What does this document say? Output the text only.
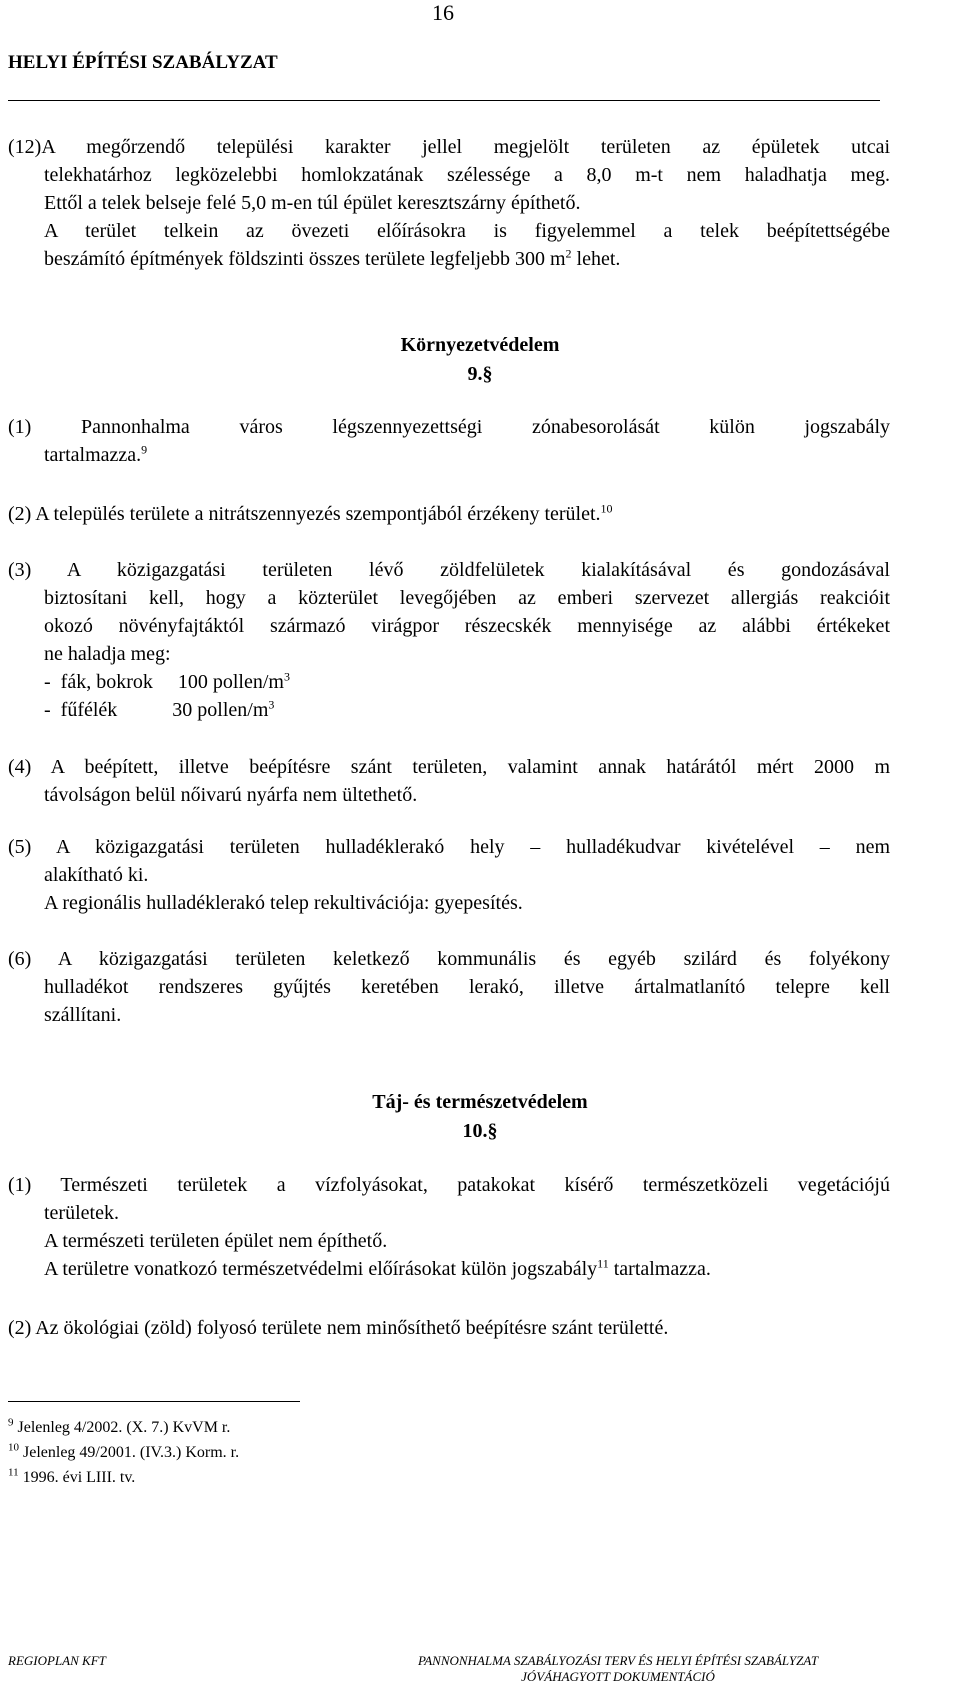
16
HELYI ÉPÍTÉSI SZABÁLYZAT
(12)A megőrzendő települési karakter jellel megjelölt területen az épületek utcai
telekhatárhoz legközelebbi homlokzatának szélessége a 8,0 m-t nem haladhatja meg.
Ettől a telek belseje felé 5,0 m-en túl épület keresztszárny építhető.
A terület telkein az övezeti előírásokra is figyelemmel a telek beépítettségébe
beszámító építmények földszinti összes területe legfeljebb 300 $m^2$ lehet.
Környezetvédelem
9.§
(1) Pannonhalma város légszennyezettségi zónabesorolását külön jogszabály
tartalmazza.$^9$
(2) A település területe a nitrátszennyezés szempontjából érzékeny terület.$^{10}$
(3) A közigazgatási területen lévő zöldfelületek kialakításával és gondozásával
biztosítani kell, hogy a közterület levegőjében az emberi szervezet allergiás reakcióit
okozó növényfajtáktól származó virágpor részecskék mennyisége az alábbi értékeket
ne haladja meg:
-  fák, bokrok     100 pollen/$m^3$
-  fűfélék           30 pollen/$m^3$
(4) A beépített, illetve beépítésre szánt területen, valamint annak határától mért 2000 m
távolságon belül nőivarú nyárfa nem ültethető.
(5) A közigazgatási területen hulladéklerakó hely – hulladékudvar kivételével – nem
alakítható ki.
A regionális hulladéklerakó telep rekultivációja: gyepesítés.
(6) A közigazgatási területen keletkező kommunális és egyéb szilárd és folyékony
hulladékot rendszeres gyűjtés keretében lerakó, illetve ártalmatlanító telepre kell
szállítani.
Táj- és természetvédelem
10.§
(1) Természeti területek a vízfolyásokat, patakokat kísérő természetközeli vegetációjú
területek.
A természeti területen épület nem építhető.
A területre vonatkozó természetvédelmi előírásokat külön jogszabály$^{11}$ tartalmazza.
(2) Az ökológiai (zöld) folyosó területe nem minősíthető beépítésre szánt területté.
$^9$ Jelenleg 4/2002. (X. 7.) KvVM r.
$^{10}$ Jelenleg 49/2001. (IV.3.) Korm. r.
$^{11}$ 1996. évi LIII. tv.
REGIOPLAN KFT	PANNONHALMA SZABÁLYOZÁSI TERV ÉS HELYI ÉPÍTÉSI SZABÁLYZAT
JÓVÁHAGYOTT DOKUMENTÁCIÓ
